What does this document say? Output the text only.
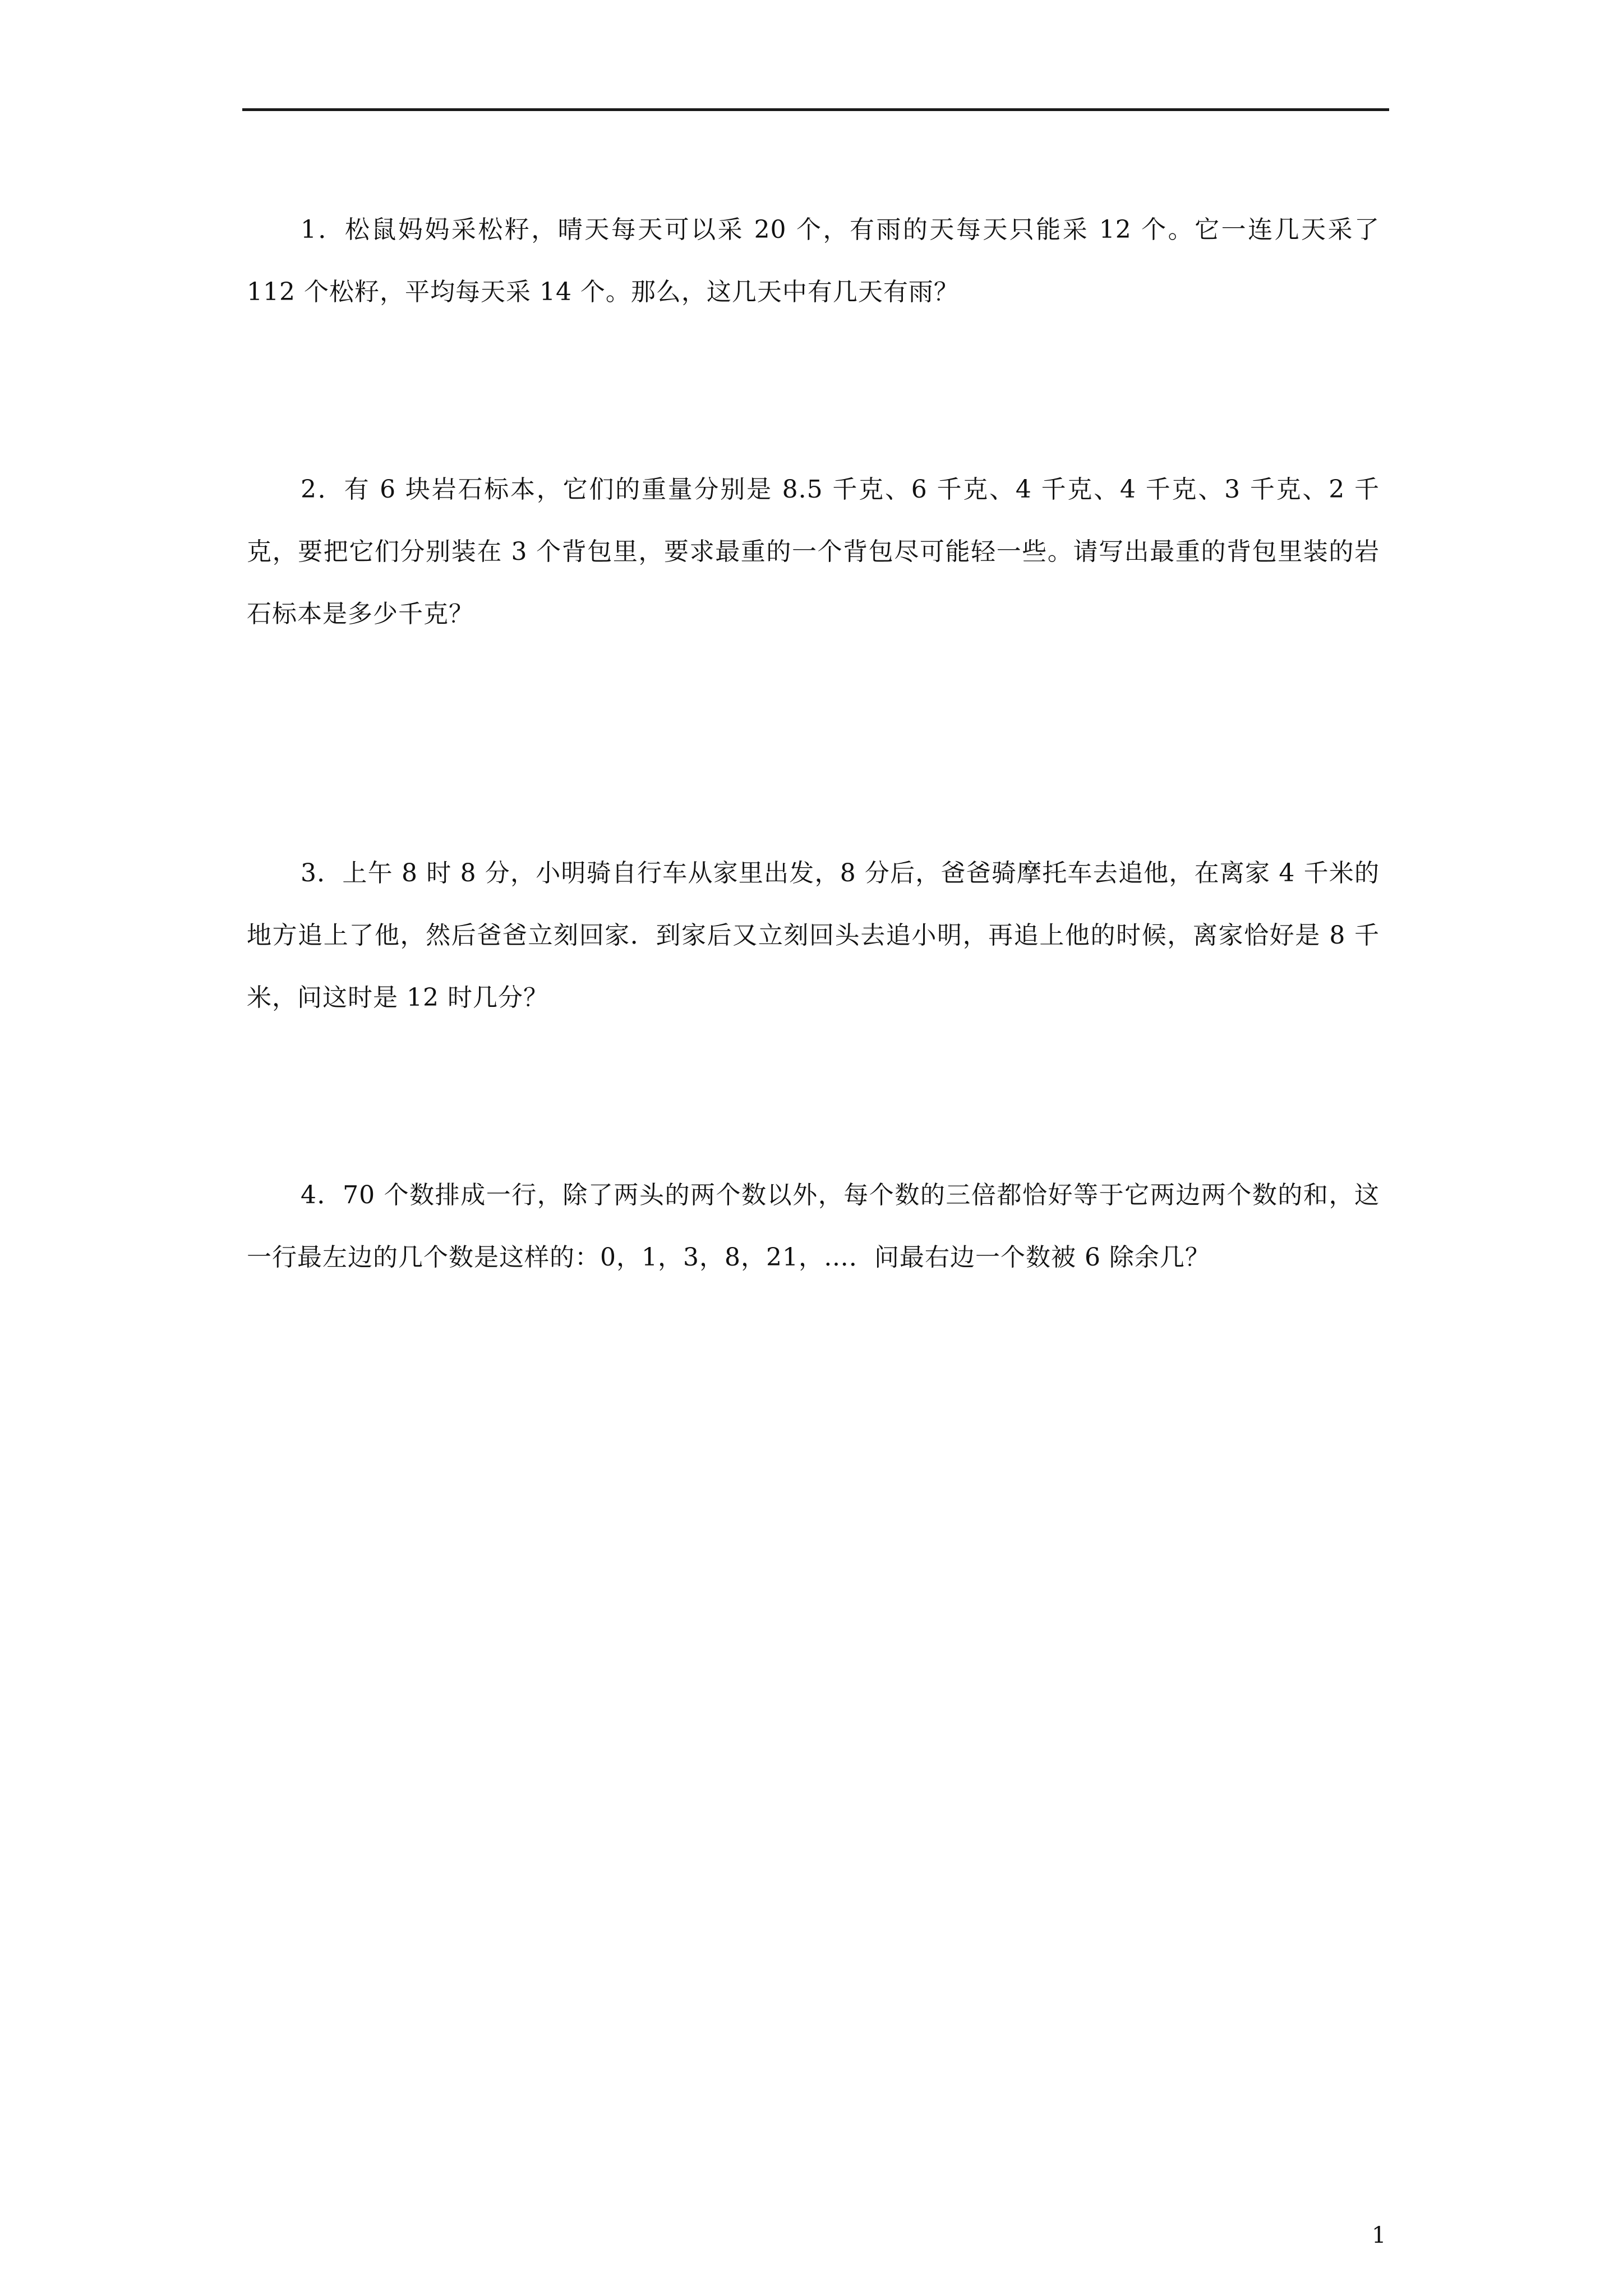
1．松鼠妈妈采松籽，晴天每天可以采 20 个，有雨的天每天只能采 12 个。它一连几天采了 112 个松籽，平均每天采 14 个。那么，这几天中有几天有雨？

2．有 6 块岩石标本，它们的重量分别是 8.5 千克、6 千克、4 千克、4 千克、3 千克、2 千克，要把它们分别装在 3 个背包里，要求最重的一个背包尽可能轻一些。请写出最重的背包里装的岩石标本是多少千克？

3．上午 8 时 8 分，小明骑自行车从家里出发，8 分后，爸爸骑摩托车去追他，在离家 4 千米的地方追上了他，然后爸爸立刻回家．到家后又立刻回头去追小明，再追上他的时候，离家恰好是 8 千米，问这时是 12 时几分？

4．70 个数排成一行，除了两头的两个数以外，每个数的三倍都恰好等于它两边两个数的和，这一行最左边的几个数是这样的：0，1，3，8，21，…．问最右边一个数被 6 除余几？

1
